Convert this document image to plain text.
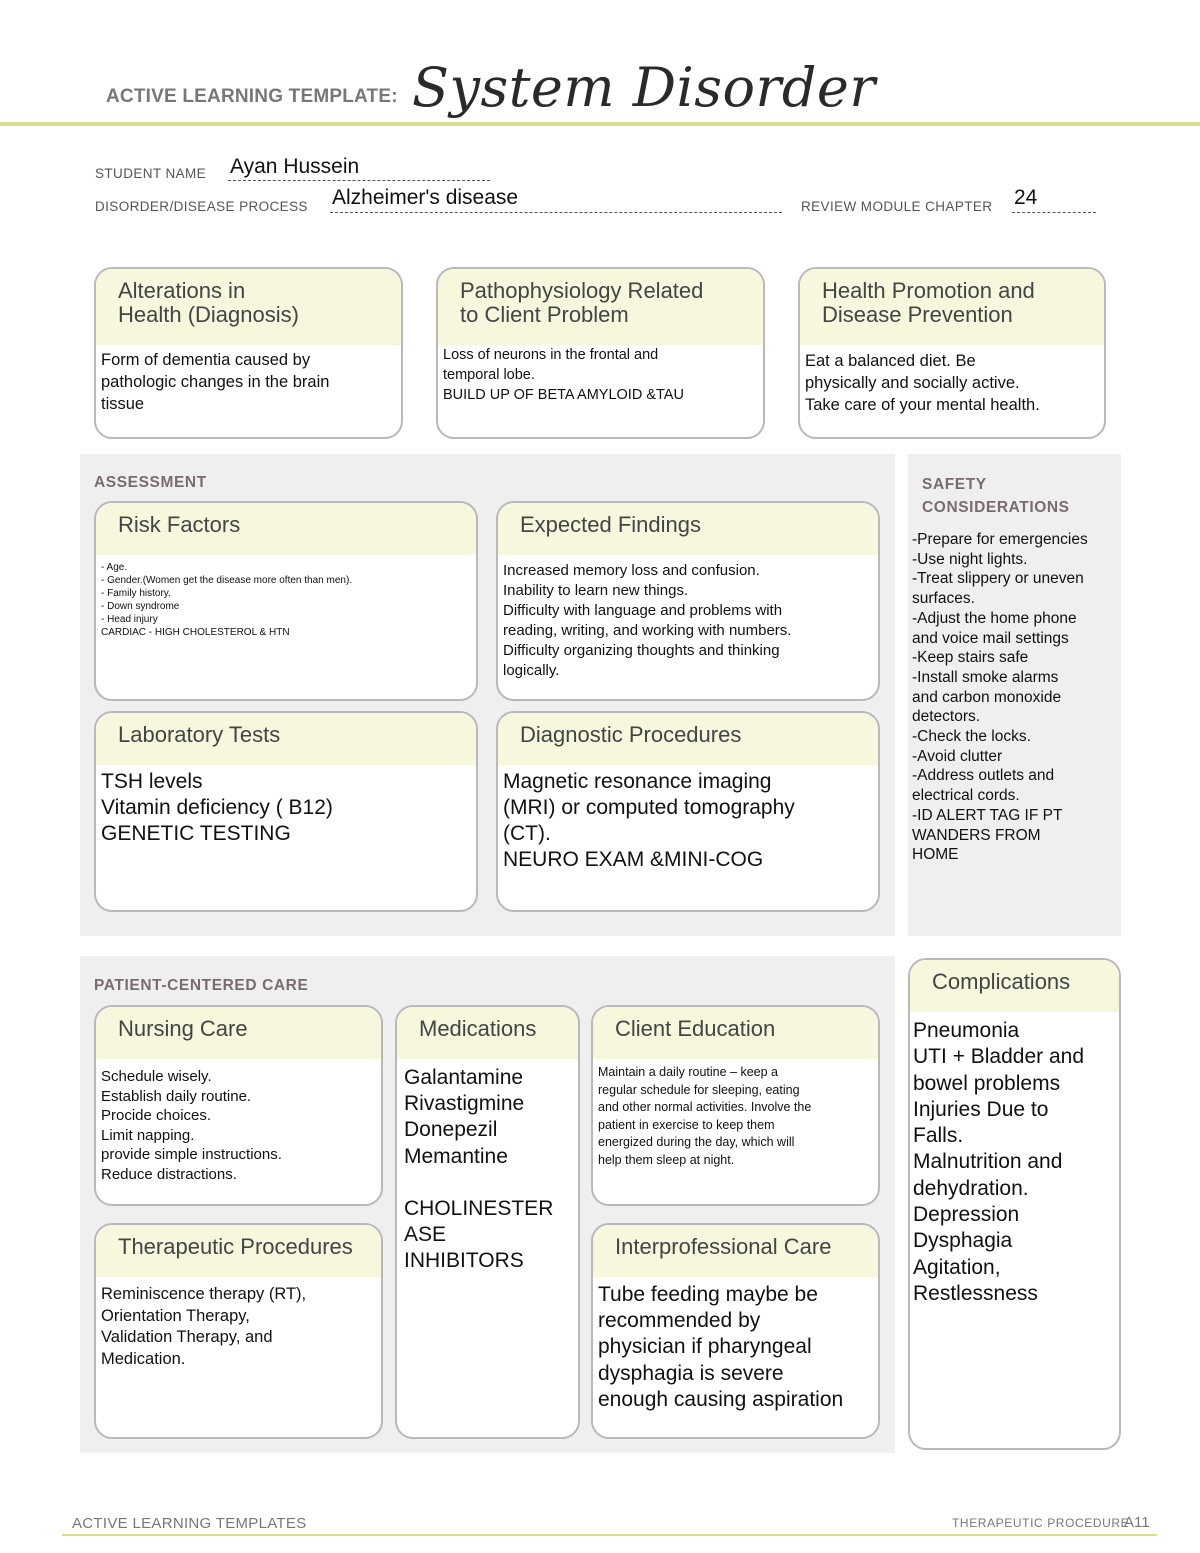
ACTIVE LEARNING TEMPLATE: System Disorder
STUDENT NAME Ayan Hussein
DISORDER/DISEASE PROCESS Alzheimer's disease	REVIEW MODULE CHAPTER 24
Alterations in
Health (Diagnosis)
Form of dementia caused by
pathologic changes in the brain
tissue
Pathophysiology Related
to Client Problem
Loss of neurons in the frontal and
temporal lobe.
BUILD UP OF BETA AMYLOID &TAU
Health Promotion and
Disease Prevention
Eat a balanced diet. Be
physically and socially active.
Take care of your mental health.
ASSESSMENT
Risk Factors
- Age.
- Gender.(Women get the disease more often than men).
- Family history.
- Down syndrome
- Head injury
CARDIAC - HIGH CHOLESTEROL & HTN
Expected Findings
Increased memory loss and confusion.
Inability to learn new things.
Difficulty with language and problems with
reading, writing, and working with numbers.
Difficulty organizing thoughts and thinking
logically.
Laboratory Tests
TSH levels
Vitamin deficiency ( B12)
GENETIC TESTING
Diagnostic Procedures
Magnetic resonance imaging
(MRI) or computed tomography
(CT).
NEURO EXAM &MINI-COG
SAFETY
CONSIDERATIONS
-Prepare for emergencies
-Use night lights.
-Treat slippery or uneven
surfaces.
-Adjust the home phone
and voice mail settings
-Keep stairs safe
-Install smoke alarms
and carbon monoxide
detectors.
-Check the locks.
-Avoid clutter
-Address outlets and
electrical cords.
-ID ALERT TAG IF PT
WANDERS FROM
HOME
PATIENT-CENTERED CARE
Nursing Care
Schedule wisely.
Establish daily routine.
Procide choices.
Limit napping.
provide simple instructions.
Reduce distractions.
Medications
Galantamine
Rivastigmine
Donepezil
Memantine

CHOLINESTER
ASE
INHIBITORS
Client Education
Maintain a daily routine – keep a
regular schedule for sleeping, eating
and other normal activities. Involve the
patient in exercise to keep them
energized during the day, which will
help them sleep at night.
Therapeutic Procedures
Reminiscence therapy (RT),
Orientation Therapy,
Validation Therapy, and
Medication.
Interprofessional Care
Tube feeding maybe be
recommended by
physician if pharyngeal
dysphagia is severe
enough causing aspiration
Complications
Pneumonia
UTI + Bladder and
bowel problems
Injuries Due to
Falls.
Malnutrition and
dehydration.
Depression
Dysphagia
Agitation,
Restlessness
ACTIVE LEARNING TEMPLATES	THERAPEUTIC PROCEDURE
A11
